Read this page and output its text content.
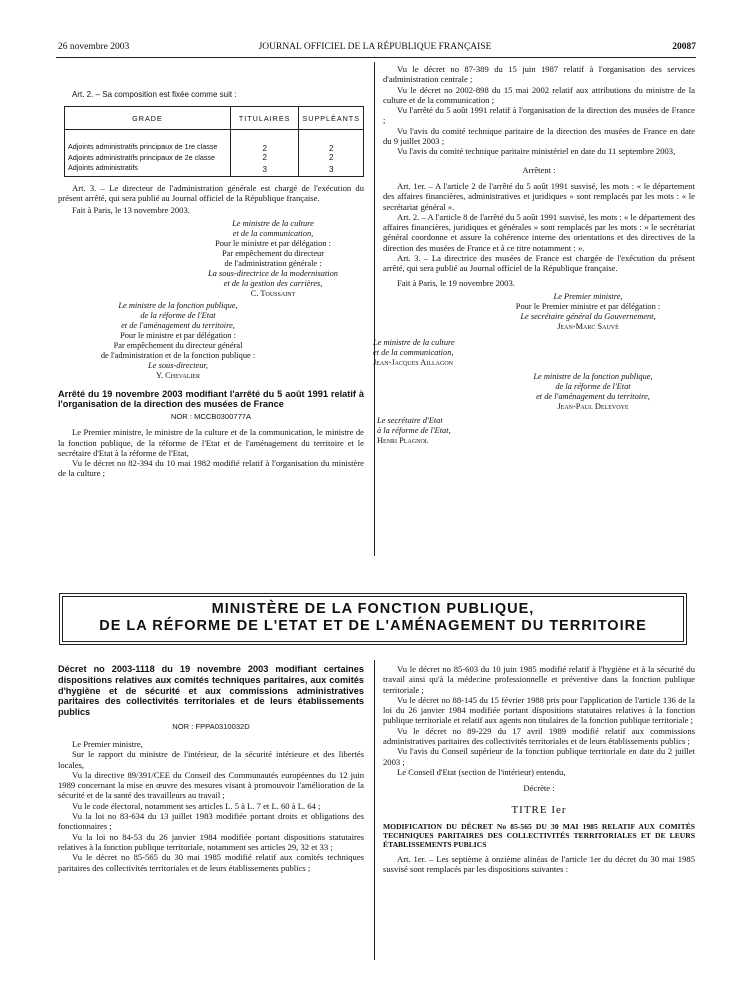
26 novembre 2003	JOURNAL OFFICIEL DE LA RÉPUBLIQUE FRANÇAISE	20087

Art. 2. – Sa composition est fixée comme suit :

GRADE	TITULAIRES	SUPPLÉANTS
Adjoints administratifs principaux de 1re classe	2	2
Adjoints administratifs principaux de 2e classe	2	2
Adjoints administratifs	3	3

Art. 3. – Le directeur de l'administration générale est chargé de l'exécution du présent arrêté, qui sera publié au Journal officiel de la République française.

Fait à Paris, le 13 novembre 2003.

Le ministre de la culture

et de la communication,

Pour le ministre et par délégation :

Par empêchement du directeur

de l'administration générale :

La sous-directrice de la modernisation

et de la gestion des carrières,

C. Toussaint

Le ministre de la fonction publique,

de la réforme de l'Etat

et de l'aménagement du territoire,

Pour le ministre et par délégation :

Par empêchement du directeur général

de l'administration et de la fonction publique :

Le sous-directeur,

Y. Chevalier

Arrêté du 19 novembre 2003 modifiant l'arrêté du 5 août 1991 relatif à l'organisation de la direction des musées de France

NOR : MCCB0300777A

Le Premier ministre, le ministre de la culture et de la communication, le ministre de la fonction publique, de la réforme de l'Etat et de l'aménagement du territoire et le secrétaire d'Etat à la réforme de l'Etat,

Vu le décret no 82-394 du 10 mai 1982 modifié relatif à l'organisation du ministère de la culture ;

Vu le décret no 87-389 du 15 juin 1987 relatif à l'organisation des services d'administration centrale ;

Vu le décret no 2002-898 du 15 mai 2002 relatif aux attributions du ministre de la culture et de la communication ;

Vu l'arrêté du 5 août 1991 relatif à l'organisation de la direction des musées de France ;

Vu l'avis du comité technique paritaire de la direction des musées de France en date du 9 juillet 2003 ;

Vu l'avis du comité technique paritaire ministériel en date du 11 septembre 2003,

Arrêtent :

Art. 1er. – A l'article 2 de l'arrêté du 5 août 1991 susvisé, les mots : « le département des affaires financières, administratives et juridiques » sont remplacés par les mots : « le secrétariat général ».

Art. 2. – A l'article 8 de l'arrêté du 5 août 1991 susvisé, les mots : « le département des affaires financières, juridiques et générales » sont remplacés par les mots : « le secrétariat général coordonne et assure la cohérence interne des orientations et des directives de la direction des musées de France et à ce titre notamment : ».

Art. 3. – La directrice des musées de France est chargée de l'exécution du présent arrêté, qui sera publié au Journal officiel de la République française.

Fait à Paris, le 19 novembre 2003.

Le Premier ministre,

Pour le Premier ministre et par délégation :

Le secrétaire général du Gouvernement,

Jean-Marc Sauvé

Le ministre de la culture

et de la communication,

Jean-Jacques Aillagon

Le ministre de la fonction publique,

de la réforme de l'Etat

et de l'aménagement du territoire,

Jean-Paul Delevoye

Le secrétaire d'Etat

à la réforme de l'Etat,

Henri Plagnol

MINISTÈRE DE LA FONCTION PUBLIQUE,
DE LA RÉFORME DE L'ETAT ET DE L'AMÉNAGEMENT DU TERRITOIRE

Décret no 2003-1118 du 19 novembre 2003 modifiant certaines dispositions relatives aux comités techniques paritaires, aux comités d'hygiène et de sécurité et aux commissions administratives paritaires des collectivités territoriales et de leurs établissements publics

NOR : FPPA0310032D

Le Premier ministre,

Sur le rapport du ministre de l'intérieur, de la sécurité intérieure et des libertés locales,

Vu la directive 89/391/CEE du Conseil des Communautés européennes du 12 juin 1989 concernant la mise en œuvre des mesures visant à promouvoir l'amélioration de la sécurité et de la santé des travailleurs au travail ;

Vu le code électoral, notamment ses articles L. 5 à L. 7 et L. 60 à L. 64 ;

Vu la loi no 83-634 du 13 juillet 1983 modifiée portant droits et obligations des fonctionnaires ;

Vu la loi no 84-53 du 26 janvier 1984 modifiée portant dispositions statutaires relatives à la fonction publique territoriale, notamment ses articles 29, 32 et 33 ;

Vu le décret no 85-565 du 30 mai 1985 modifié relatif aux comités techniques paritaires des collectivités territoriales et de leurs établissements publics ;

Vu le décret no 85-603 du 10 juin 1985 modifié relatif à l'hygiène et à la sécurité du travail ainsi qu'à la médecine professionnelle et préventive dans la fonction publique territoriale ;

Vu le décret no 88-145 du 15 février 1988 pris pour l'application de l'article 136 de la loi du 26 janvier 1984 modifiée portant dispositions statutaires relatives à la fonction publique territoriale et relatif aux agents non titulaires de la fonction publique territoriale ;

Vu le décret no 89-229 du 17 avril 1989 modifié relatif aux commissions administratives paritaires des collectivités territoriales et de leurs établissements publics ;

Vu l'avis du Conseil supérieur de la fonction publique territoriale en date du 2 juillet 2003 ;

Le Conseil d'Etat (section de l'intérieur) entendu,

Décrète :

TITRE Ier

MODIFICATION DU DÉCRET No 85-565 DU 30 MAI 1985 RELATIF AUX COMITÉS TECHNIQUES PARITAIRES DES COLLECTIVITÉS TERRITORIALES ET DE LEURS ÉTABLISSEMENTS PUBLICS

Art. 1er. – Les septième à onzième alinéas de l'article 1er du décret du 30 mai 1985 susvisé sont remplacés par les dispositions suivantes :
